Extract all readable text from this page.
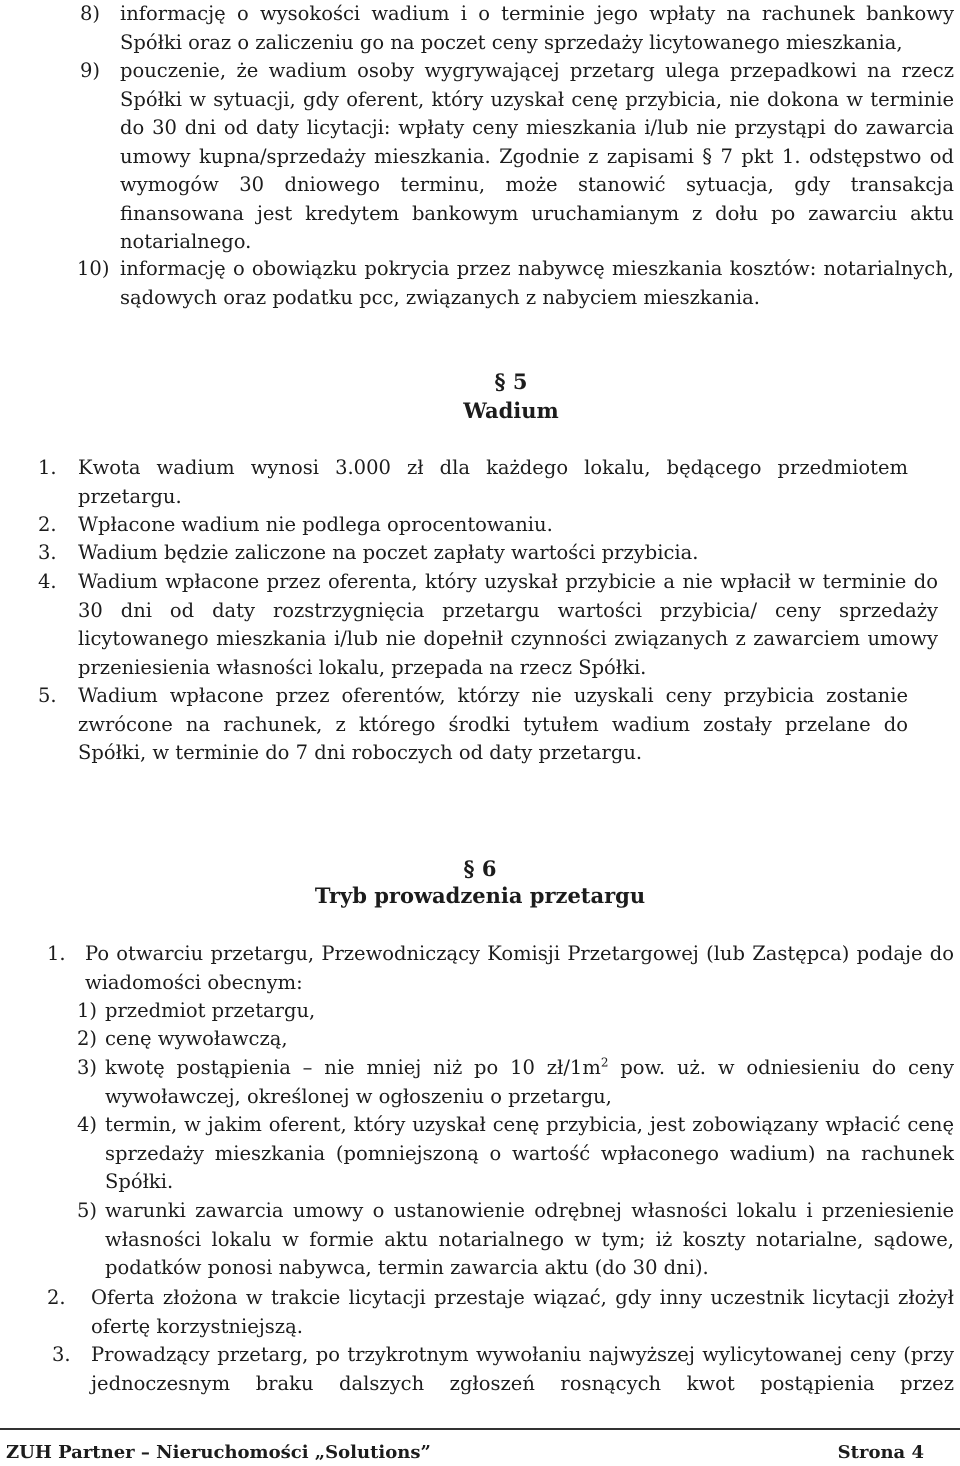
8) informację o wysokości wadium i o terminie jego wpłaty na rachunek bankowy Spółki oraz o zaliczeniu go na poczet ceny sprzedaży licytowanego mieszkania,
9) pouczenie, że wadium osoby wygrywającej przetarg ulega przepadkowi na rzecz Spółki w sytuacji, gdy oferent, który uzyskał cenę przybicia, nie dokona w terminie do 30 dni od daty licytacji: wpłaty ceny mieszkania i/lub nie przystąpi do zawarcia umowy kupna/sprzedaży mieszkania. Zgodnie z zapisami § 7 pkt 1. odstępstwo od wymogów 30 dniowego terminu, może stanowić sytuacja, gdy transakcja finansowana jest kredytem bankowym uruchamianym z dołu po zawarciu aktu notarialnego.
10) informację o obowiązku pokrycia przez nabywcę mieszkania kosztów: notarialnych, sądowych oraz podatku pcc, związanych z nabyciem mieszkania.
§ 5
Wadium
1. Kwota wadium wynosi 3.000 zł dla każdego lokalu, będącego przedmiotem przetargu.
2. Wpłacone wadium nie podlega oprocentowaniu.
3. Wadium będzie zaliczone na poczet zapłaty wartości przybicia.
4. Wadium wpłacone przez oferenta, który uzyskał przybicie a nie wpłacił w terminie do 30 dni od daty rozstrzygnięcia przetargu wartości przybicia/ ceny sprzedaży licytowanego mieszkania i/lub nie dopełnił czynności związanych z zawarciem umowy przeniesienia własności lokalu, przepada na rzecz Spółki.
5. Wadium wpłacone przez oferentów, którzy nie uzyskali ceny przybicia zostanie zwrócone na rachunek, z którego środki tytułem wadium zostały przelane do Spółki, w terminie do 7 dni roboczych od daty przetargu.
§ 6
Tryb prowadzenia przetargu
1. Po otwarciu przetargu, Przewodniczący Komisji Przetargowej (lub Zastępca) podaje do wiadomości obecnym:
1) przedmiot przetargu,
2) cenę wywoławczą,
3) kwotę postąpienia – nie mniej niż po 10 $zł/1m^2$ pow. uż. w odniesieniu do ceny wywoławczej, określonej w ogłoszeniu o przetargu,
4) termin, w jakim oferent, który uzyskał cenę przybicia, jest zobowiązany wpłacić cenę sprzedaży mieszkania (pomniejszoną o wartość wpłaconego wadium) na rachunek Spółki.
5) warunki zawarcia umowy o ustanowienie odrębnej własności lokalu i przeniesienie własności lokalu w formie aktu notarialnego w tym; iż koszty notarialne, sądowe, podatków ponosi nabywca, termin zawarcia aktu (do 30 dni).
2. Oferta złożona w trakcie licytacji przestaje wiązać, gdy inny uczestnik licytacji złożył ofertę korzystniejszą.
3. Prowadzący przetarg, po trzykrotnym wywołaniu najwyższej wylicytowanej ceny (przy jednoczesnym braku dalszych zgłoszeń rosnących kwot postąpienia przez
ZUH Partner – Nieruchomości „Solutions”	Strona 4
